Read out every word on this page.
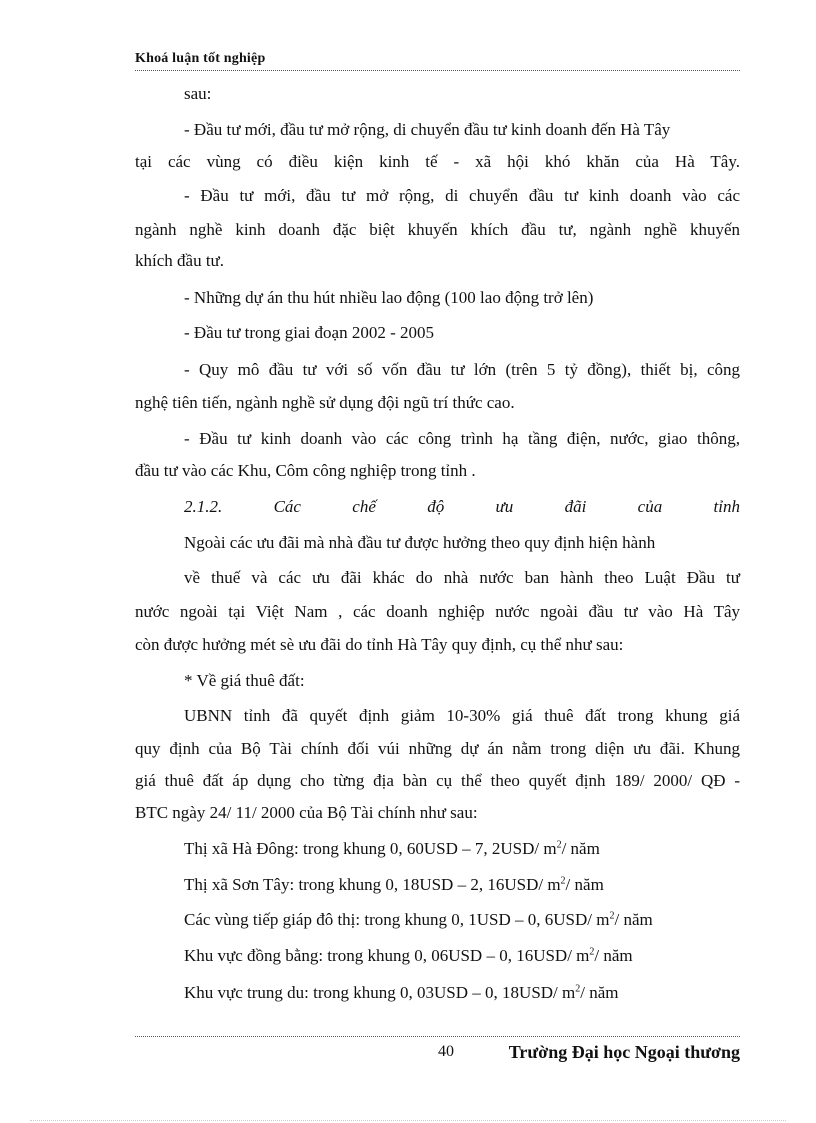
Khoá luận tốt nghiệp
sau:
- Đầu tư mới, đầu tư mở rộng, di chuyển đầu tư kinh doanh đến Hà Tây
tại các vùng có điều kiện kinh tế - xã hội khó khăn của Hà Tây.
- Đầu tư mới, đầu tư mở rộng, di chuyển đầu tư kinh doanh vào các
ngành nghề kinh doanh đặc biệt khuyến khích đầu tư, ngành nghề khuyến
khích đầu tư.
- Những dự án thu hút nhiều lao động (100 lao động trở lên)
- Đầu tư trong giai đoạn 2002 - 2005
- Quy mô đầu tư với số vốn đầu tư lớn (trên 5 tỷ đồng), thiết bị, công
nghệ tiên tiến, ngành nghề sử dụng đội ngũ trí thức cao.
- Đầu tư kinh doanh vào các công trình hạ tầng điện, nước, giao thông,
đầu tư vào các Khu, Côm công nghiệp trong tỉnh .
2.1.2. Các chế độ ưu đãi của tỉnh
Ngoài các ưu đãi mà nhà đầu tư được hưởng theo quy định hiện hành
về thuế và các ưu đãi khác do nhà nước ban hành theo Luật Đầu tư
nước ngoài tại Việt Nam , các doanh nghiệp nước ngoài đầu tư vào Hà Tây
còn được hưởng mét sè ưu đãi do tỉnh Hà Tây quy định, cụ thể như sau:
* Về giá thuê đất:
UBNN tỉnh đã quyết định giảm 10-30% giá thuê đất trong khung giá
quy định của Bộ Tài chính đối vúi những dự án nằm trong diện ưu đãi. Khung
giá thuê đất áp dụng cho từng địa bàn cụ thể theo quyết định 189/ 2000/ QĐ -
BTC ngày 24/ 11/ 2000 của Bộ Tài chính như sau:
Thị xã Hà Đông: trong khung 0, 60USD – 7, 2USD/ $m^2/$ năm
Thị xã Sơn Tây: trong khung 0, 18USD – 2, 16USD/ $m^2/$ năm
Các vùng tiếp giáp đô thị: trong khung 0, 1USD – 0, 6USD/ $m^2/$ năm
Khu vực đồng bằng: trong khung 0, 06USD – 0, 16USD/ $m^2/$ năm
Khu vực trung du: trong khung 0, 03USD – 0, 18USD/ $m^2/$ năm
40	Trường Đại học Ngoại thương
